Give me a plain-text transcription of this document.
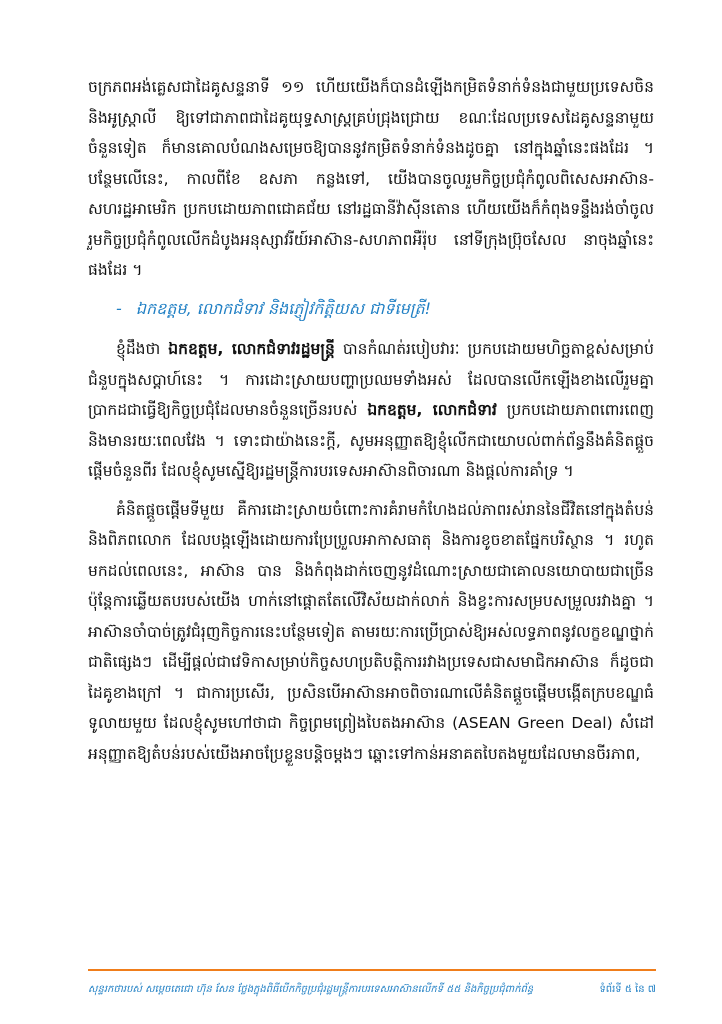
ចក្រភពអង់គ្លេសជាដៃគូសន្ទនាទី ១១ ហើយយើងក៏បានដំឡើងកម្រិតទំនាក់ទំនងជាមួយប្រទេសចិន និងអូស្ត្រាលី ឱ្យទៅជាភាពជាដៃគូយុទ្ធសាស្ត្រគ្រប់ជ្រុងជ្រោយ ខណៈដែលប្រទេសដៃគូសន្ទនាមួយចំនួនទៀត ក៏មានគោលបំណងសម្រេចឱ្យបាននូវកម្រិតទំនាក់ទំនងដូចគ្នា នៅក្នុងឆ្នាំនេះផងដែរ ។ បន្ថែមលើនេះ, កាលពីខែ ឧសភា កន្លងទៅ, យើងបានចូលរួមកិច្ចប្រជុំកំពូលពិសេសអាស៊ាន-សហរដ្ឋអាមេរិក ប្រកបដោយភាពជោគជ័យ នៅរដ្ឋធានីវ៉ាស៊ីនតោន ហើយយើងក៏កំពុងទន្ទឹងរង់ចាំចូលរួមកិច្ចប្រជុំកំពូលលើកដំបូងអនុស្សាវរីយ៍អាស៊ាន-សហភាពអឺរ៉ុប នៅទីក្រុងប្រ៊ុចសែល នាចុងឆ្នាំនេះផងដែរ ។

- ឯកឧត្តម, លោកជំទាវ និងភ្ញៀវកិត្តិយស ជាទីមេត្រី!

ខ្ញុំដឹងថា ឯកឧត្តម, លោកជំទាវរដ្ឋមន្ត្រី បានកំណត់របៀបវារៈ ប្រកបដោយមហិច្ឆតាខ្ពស់សម្រាប់ជំនួបក្នុងសប្តាហ៍នេះ ។ ការដោះស្រាយបញ្ហាប្រឈមទាំងអស់ ដែលបានលើកឡើងខាងលើរួមគ្នា ប្រាកដជាធ្វើឱ្យកិច្ចប្រជុំដែលមានចំនួនច្រើនរបស់ ឯកឧត្តម, លោកជំទាវ ប្រកបដោយភាពពោរពេញ និងមានរយៈពេលវែង ។ ទោះជាយ៉ាងនេះក្តី, សូមអនុញ្ញាតឱ្យខ្ញុំលើកជាយោបល់ពាក់ព័ន្ធនឹងគំនិតផ្តួចផ្តើមចំនួនពីរ ដែលខ្ញុំសូមស្នើឱ្យរដ្ឋមន្ត្រីការបរទេសអាស៊ានពិចារណា និងផ្តល់ការគាំទ្រ ។

គំនិតផ្តួចផ្តើមទីមួយ គឺការដោះស្រាយចំពោះការគំរាមកំហែងដល់ភាពរស់រាននៃជីវិតនៅក្នុងតំបន់ និងពិភពលោក ដែលបង្កឡើងដោយការប្រែប្រួលអាកាសធាតុ និងការខូចខាតផ្នែកបរិស្ថាន ។ រហូតមកដល់ពេលនេះ, អាស៊ាន បាន និងកំពុងដាក់ចេញនូវដំណោះស្រាយជាគោលនយោបាយជាច្រើន ប៉ុន្តែការឆ្លើយតបរបស់យើង ហាក់នៅផ្តោតតែលើវិស័យដាក់លាក់ និងខ្វះការសម្របសម្រួលរវាងគ្នា ។ អាស៊ានចាំបាច់ត្រូវជំរុញកិច្ចការនេះបន្ថែមទៀត តាមរយៈការប្រើប្រាស់ឱ្យអស់លទ្ធភាពនូវលក្ខខណ្ឌថ្នាក់ជាតិផ្សេងៗ ដើម្បីផ្តល់ជាវេទិកាសម្រាប់កិច្ចសហប្រតិបត្តិការរវាងប្រទេសជាសមាជិកអាស៊ាន ក៏ដូចជាដៃគូខាងក្រៅ ។ ជាការប្រសើរ, ប្រសិនបើអាស៊ានអាចពិចារណាលើគំនិតផ្តួចផ្តើមបង្កើតក្របខណ្ឌធំទូលាយមួយ ដែលខ្ញុំសូមហៅថាជា កិច្ចព្រមព្រៀងបៃតងអាស៊ាន (ASEAN Green Deal) សំដៅអនុញ្ញាតឱ្យតំបន់របស់យើងអាចប្រែខ្លួនបន្តិចម្តងៗ ឆ្ពោះទៅកាន់អនាគតបៃតងមួយដែលមានចីរភាព,

សុន្ទរកថារបស់ សម្តេចតេជោ ហ៊ុន សែន ថ្លែងក្នុងពិធីបើកកិច្ចប្រជុំរដ្ឋមន្ត្រីការបរទេសអាស៊ានលើកទី ៥៥ និងកិច្ចប្រជុំពាក់ព័ន្ធ	ទំព័រទី ៥ នៃ ៧
